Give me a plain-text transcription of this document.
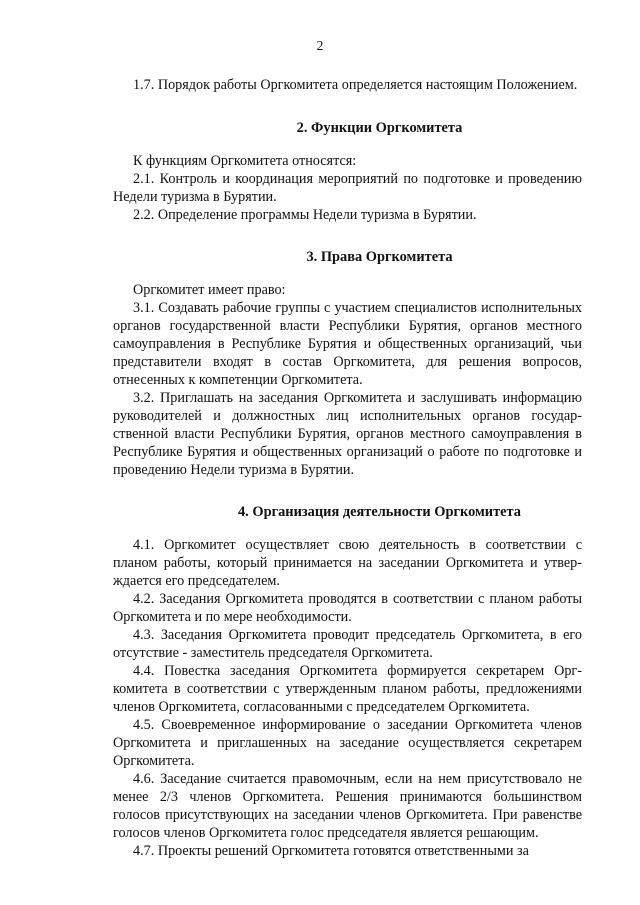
2

1.7. Порядок работы Оргкомитета определяется настоящим Положением.

2. Функции Оргкомитета

К функциям Оргкомитета относятся:

2.1. Контроль и координация мероприятий по подготовке и проведению Недели туризма в Бурятии.

2.2. Определение программы Недели туризма в Бурятии.

3. Права Оргкомитета

Оргкомитет имеет право:

3.1. Создавать рабочие группы с участием специалистов исполнительных органов государственной власти Республики Бурятия, органов местного самоуправления в Республике Бурятия и общественных организаций, чьи представители входят в состав Оргкомитета, для решения вопросов, отнесенных к компетенции Оргкомитета.

3.2. Приглашать на заседания Оргкомитета и заслушивать информацию руководителей и должностных лиц исполнительных органов государственной власти Республики Бурятия, органов местного самоуправления в Республике Бурятия и общественных организаций о работе по подготовке и проведению Недели туризма в Бурятии.

4. Организация деятельности Оргкомитета

4.1. Оргкомитет осуществляет свою деятельность в соответствии с планом работы, который принимается на заседании Оргкомитета и утверждается его председателем.

4.2. Заседания Оргкомитета проводятся в соответствии с планом работы Оргкомитета и по мере необходимости.

4.3. Заседания Оргкомитета проводит председатель Оргкомитета, в его отсутствие - заместитель председателя Оргкомитета.

4.4. Повестка заседания Оргкомитета формируется секретарем Оргкомитета в соответствии с утвержденным планом работы, предложениями членов Оргкомитета, согласованными с председателем Оргкомитета.

4.5. Своевременное информирование о заседании Оргкомитета членов Оргкомитета и приглашенных на заседание осуществляется секретарем Оргкомитета.

4.6. Заседание считается правомочным, если на нем присутствовало не менее 2/3 членов Оргкомитета. Решения принимаются большинством голосов присутствующих на заседании членов Оргкомитета. При равенстве голосов членов Оргкомитета голос председателя является решающим.

4.7. Проекты решений Оргкомитета готовятся ответственными за
